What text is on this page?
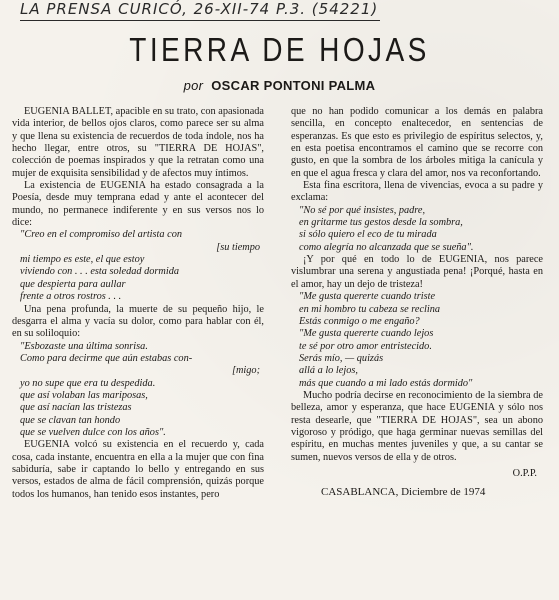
LA PRENSA CURICÓ, 26-XII-74 P.3. (54221)
TIERRA DE HOJAS
por OSCAR PONTONI PALMA

EUGENIA BALLET, apacible en su trato, con apasionada vida interior, de bellos ojos claros, como parece ser su alma y que llena su existencia de recuerdos de toda índole, nos ha hecho llegar, entre otros, su "TIERRA DE HOJAS", colección de poemas inspirados y que la retratan como una mujer de exquisita sensibilidad y de afectos muy íntimos.

La existencia de EUGENIA ha estado consagrada a la Poesía, desde muy temprana edad y ante el acontecer del mundo, no permanece indiferente y en sus versos nos lo dice:

"Creo en el compromiso del artista con
[su tiempo
mi tiempo es este, el que estoy
viviendo con . . . esta soledad dormida
que despierta para aullar
frente a otros rostros . . .

Una pena profunda, la muerte de su pequeño hijo, le desgarra el alma y vacía su dolor, como para hablar con él, en su soliloquio:

"Esbozaste una última sonrisa.
Como para decirme que aún estabas con-
[migo;
yo no supe que era tu despedida.
que así volaban las mariposas,
que así nacían las tristezas
que se clavan tan hondo
que se vuelven dulce con los años".

EUGENIA volcó su existencia en el recuerdo y, cada cosa, cada instante, encuentra en ella a la mujer que con fina sabiduría, sabe ir captando lo bello y entregando en sus versos, estados de alma de fácil comprensión, quizás porque todos los humanos, han tenido esos instantes, pero

que no han podido comunicar a los demás en palabra sencilla, en concepto enaltecedor, en sentencias de esperanzas. Es que esto es privilegio de espíritus selectos, y, en esta poetisa encontramos el camino que se recorre con gusto, en que la sombra de los árboles mitiga la canícula y en que el agua fresca y clara del amor, nos va reconfortando.

Esta fina escritora, llena de vivencias, evoca a su padre y exclama:

"No sé por qué insistes, padre,
en gritarme tus gestos desde la sombra,
si sólo quiero el eco de tu mirada
como alegría no alcanzada que se sueña".

¡Y por qué en todo lo de EUGENIA, nos parece vislumbrar una serena y angustiada pena! ¡Porqué, hasta en el amor, hay un dejo de tristeza!

"Me gusta quererte cuando triste
en mi hombro tu cabeza se reclina
Estás conmigo o me engaño?
"Me gusta quererte cuando lejos
te sé por otro amor entristecido.
Serás mío, — quizás
allá a lo lejos,
más que cuando a mi lado estás dormido"

Mucho podría decirse en reconocimiento de la siembra de belleza, amor y esperanza, que hace EUGENIA y sólo nos resta desearle, que "TIERRA DE HOJAS", sea un abono vigoroso y pródigo, que haga germinar nuevas semillas del espíritu, en muchas mentes juveniles y que, a su cantar se sumen, nuevos versos de ella y de otros.

O.P.P.
CASABLANCA, Diciembre de 1974
